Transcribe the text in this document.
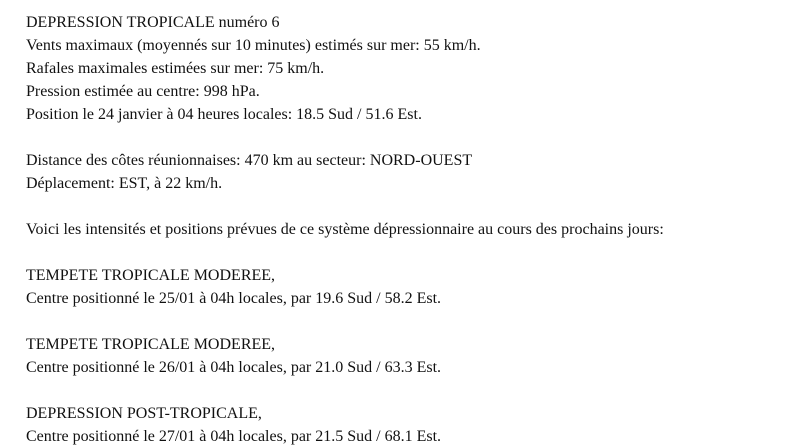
DEPRESSION TROPICALE numéro 6
Vents maximaux (moyennés sur 10 minutes) estimés sur mer: 55 km/h.
Rafales maximales estimées sur mer: 75 km/h.
Pression estimée au centre: 998 hPa.
Position le 24 janvier à 04 heures locales: 18.5 Sud / 51.6 Est.
Distance des côtes réunionnaises: 470 km au secteur: NORD-OUEST
Déplacement: EST, à 22 km/h.
Voici les intensités et positions prévues de ce système dépressionnaire au cours des prochains jours:
TEMPETE TROPICALE MODEREE,
Centre positionné le 25/01 à 04h locales, par 19.6 Sud / 58.2 Est.
TEMPETE TROPICALE MODEREE,
Centre positionné le 26/01 à 04h locales, par 21.0 Sud / 63.3 Est.
DEPRESSION POST-TROPICALE,
Centre positionné le 27/01 à 04h locales, par 21.5 Sud / 68.1 Est.
